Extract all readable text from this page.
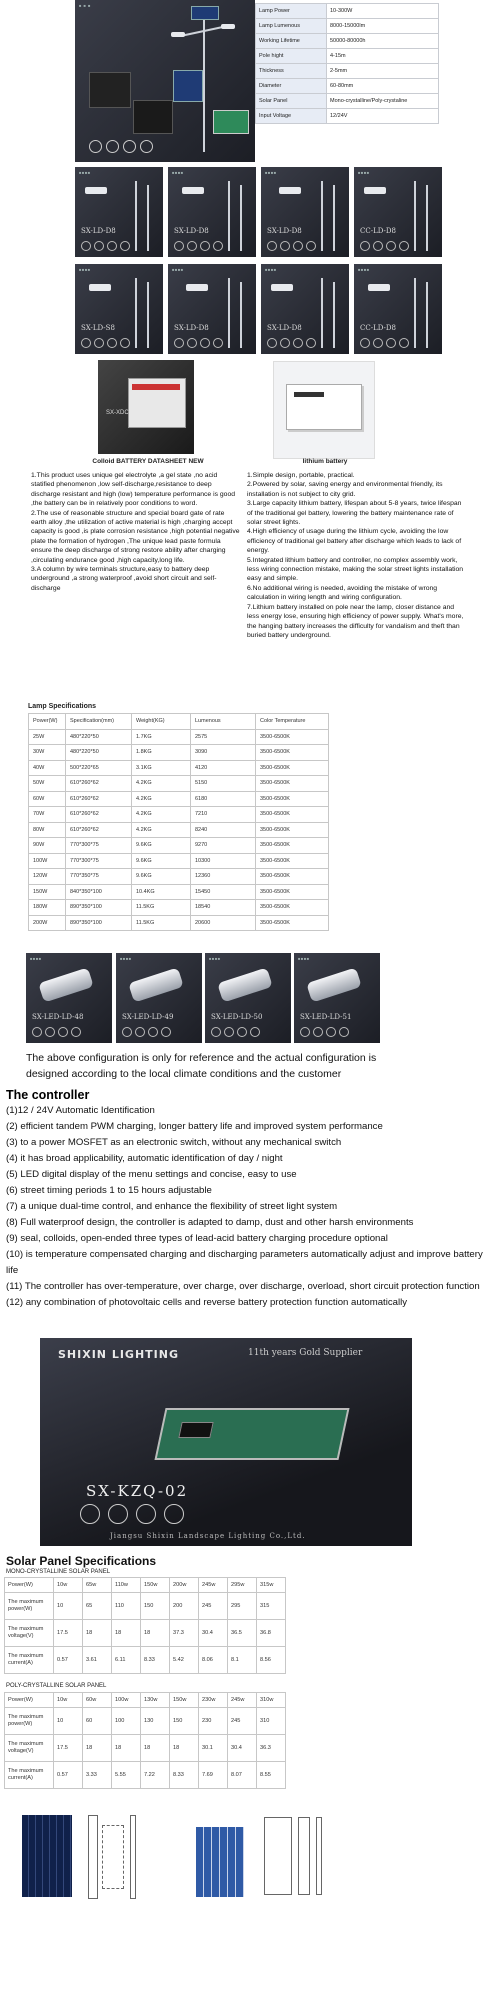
■ ■ ■
Lamp Power	10-300W
Lamp Lumenous	8000-15000lm
Working Lifetime	50000-80000h
Pole hight	4-15m
Thickness	2-5mm
Diameter	60-80mm
Solar Panel	Mono-crystalline/Poly-crystaline
Input Voltage	12/24V
■■■■
SX-LD-D8
■■■■
SX-LD-D8
■■■■
SX-LD-D8
■■■■
CC-LD-D8
■■■■
SX-LD-S8
■■■■
SX-LD-D8
■■■■
SX-LD-D8
■■■■
CC-LD-D8
SX-XDC
Colloid BATTERY DATASHEET NEW	lithium battery
1.This product uses unique gel electrolyte ,a gel state ,no acid statified phenomenon ,low self-discharge,resistance to deep discharge resistant and high (low) temperature performance is good ,the battery can be in relatively poor conditions to word.
2.The use of reasonable structure and special board gate of rate earth alloy ,the utilization of active material is high ,charging accept capacity is good ,is plate corrosion resistance ,high potential negative plate the formation of hydrogen ,The unique lead paste formula ensure the deep discharge of strong restore ability after charging ,circulating endurance good ,high capacity,long life.
3.A column by wire terminals structure,easy to battery deep underground ,a strong waterproof ,avoid short circuit and self- discharge
1.Simple design, portable, practical.
2.Powered by solar, saving energy and environmental friendly, its installation is not subject to city grid.
3.Large capacity lithium battery, lifespan about 5-8 years, twice lifespan of the traditional gel battery, lowering the battery maintenance rate of solar street lights.
4.High efficiency of usage during the lithium cycle, avoiding the low efficiency of traditional gel battery after discharge which leads to lack of energy.
5.Integrated lithium battery and controller, no complex assembly work, less wiring connection mistake, making the solar street lights installation easy and simple.
6.No additional wiring is needed, avoiding the mistake of wrong calculation in wiring length and wiring configuration.
7.Lithium battery installed on pole near the lamp, closer distance and less energy lose, ensuring high efficiency of power supply. What's more, the hanging battery increases the difficulty for vandalism and theft than buried battery underground.
Lamp Specifications
Power(W)	Specification(mm)	Weight(KG)	Lumenous	Color Temperature
25W	480*220*50	1.7KG	2575	3500-6500K
30W	480*220*50	1.8KG	3090	3500-6500K
40W	500*220*65	3.1KG	4120	3500-6500K
50W	610*260*62	4.2KG	5150	3500-6500K
60W	610*260*62	4.2KG	6180	3500-6500K
70W	610*260*62	4.2KG	7210	3500-6500K
80W	610*260*62	4.2KG	8240	3500-6500K
90W	770*300*75	9.6KG	9270	3500-6500K
100W	770*300*75	9.6KG	10300	3500-6500K
120W	770*350*75	9.6KG	12360	3500-6500K
150W	840*350*100	10.4KG	15450	3500-6500K
180W	890*350*100	11.5KG	18540	3500-6500K
200W	890*350*100	11.5KG	20600	3500-6500K
■■■■
SX-LED-LD-48
■■■■
SX-LED-LD-49
■■■■
SX-LED-LD-50
■■■■
SX-LED-LD-51
The above configuration is only for reference and the actual configuration is designed according to the local climate conditions and the customer
The controller
(1)12 / 24V Automatic Identification
(2) efficient tandem PWM charging, longer battery life and improved system performance
(3) to a power MOSFET as an electronic switch, without any mechanical switch
(4) it has broad applicability, automatic identification of day / night
(5) LED digital display of the menu settings and concise, easy to use
(6) street timing periods 1 to 15 hours adjustable
(7) a unique dual-time control, and enhance the flexibility of street light system
(8) Full waterproof design, the controller is adapted to damp, dust and other harsh environments
(9) seal, colloids, open-ended three types of lead-acid battery charging procedure optional
(10) is temperature compensated charging and discharging parameters automatically adjust and improve battery life
(11) The controller has over-temperature, over charge, over discharge, overload, short circuit protection function
(12) any combination of photovoltaic cells and reverse battery protection function automatically
SHIXIN LIGHTING	11th years Gold Supplier
SX-KZQ-02
Jiangsu Shixin Landscape Lighting Co.,Ltd.
Solar Panel Specifications
MONO-CRYSTALLINE SOLAR PANEL
Power(W)	10w	65w	110w	150w	200w	245w	295w	315w
The maximum power(W)	10	65	110	150	200	245	295	315
The maximum voltage(V)	17.5	18	18	18	37.3	30.4	36.5	36.8
The maximum current(A)	0.57	3.61	6.11	8.33	5.42	8.06	8.1	8.56
POLY-CRYSTALLINE SOLAR PANEL
Power(W)	10w	60w	100w	130w	150w	230w	245w	310w
The maximum power(W)	10	60	100	130	150	230	245	310
The maximum voltage(V)	17.5	18	18	18	18	30.1	30.4	36.3
The maximum current(A)	0.57	3.33	5.55	7.22	8.33	7.69	8.07	8.55
